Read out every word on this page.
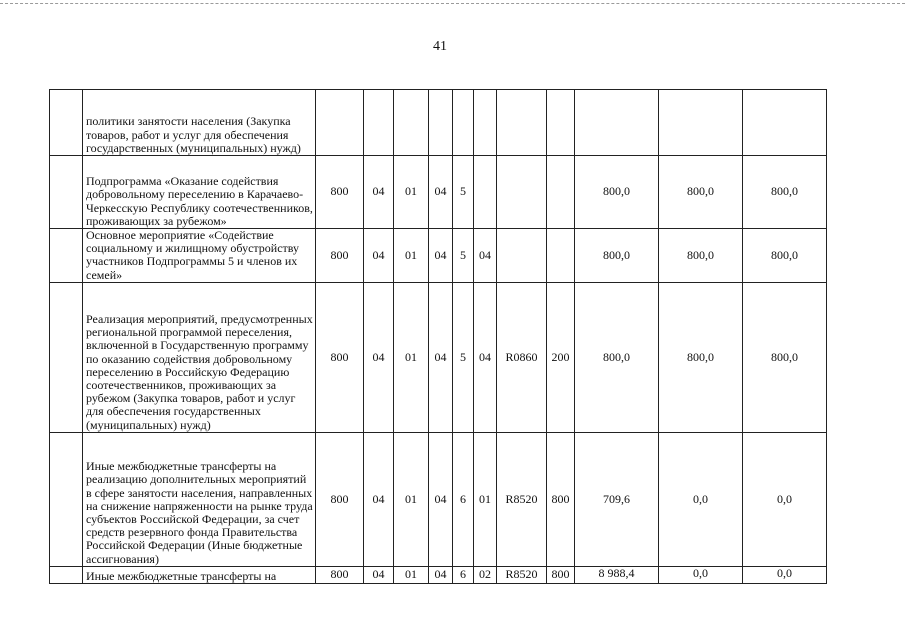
41
	политики занятости населения (Закупка товаров, работ и услуг для обеспечения государственных (муниципальных) нужд)											
	Подпрограмма «Оказание содействия добровольному переселению в Карачаево-Черкесскую Республику соотечественников, проживающих за рубежом»	800	04	01	04	5				800,0	800,0	800,0
	Основное мероприятие «Содействие социальному и жилищному обустройству участников Подпрограммы 5 и членов их семей»	800	04	01	04	5	04			800,0	800,0	800,0
	Реализация мероприятий, предусмотренных региональной программой переселения, включенной в Государственную программу по оказанию содействия добровольному переселению в Российскую Федерацию соотечественников, проживающих за рубежом (Закупка товаров, работ и услуг для обеспечения государственных (муниципальных) нужд)	800	04	01	04	5	04	R0860	200	800,0	800,0	800,0
	Иные межбюджетные трансферты на реализацию дополнительных мероприятий в сфере занятости населения, направленных на снижение напряженности на рынке труда субъектов Российской Федерации, за счет средств резервного фонда Правительства Российской Федерации (Иные бюджетные ассигнования)	800	04	01	04	6	01	R8520	800	709,6	0,0	0,0
	Иные межбюджетные трансферты на	800	04	01	04	6	02	R8520	800	8 988,4	0,0	0,0
